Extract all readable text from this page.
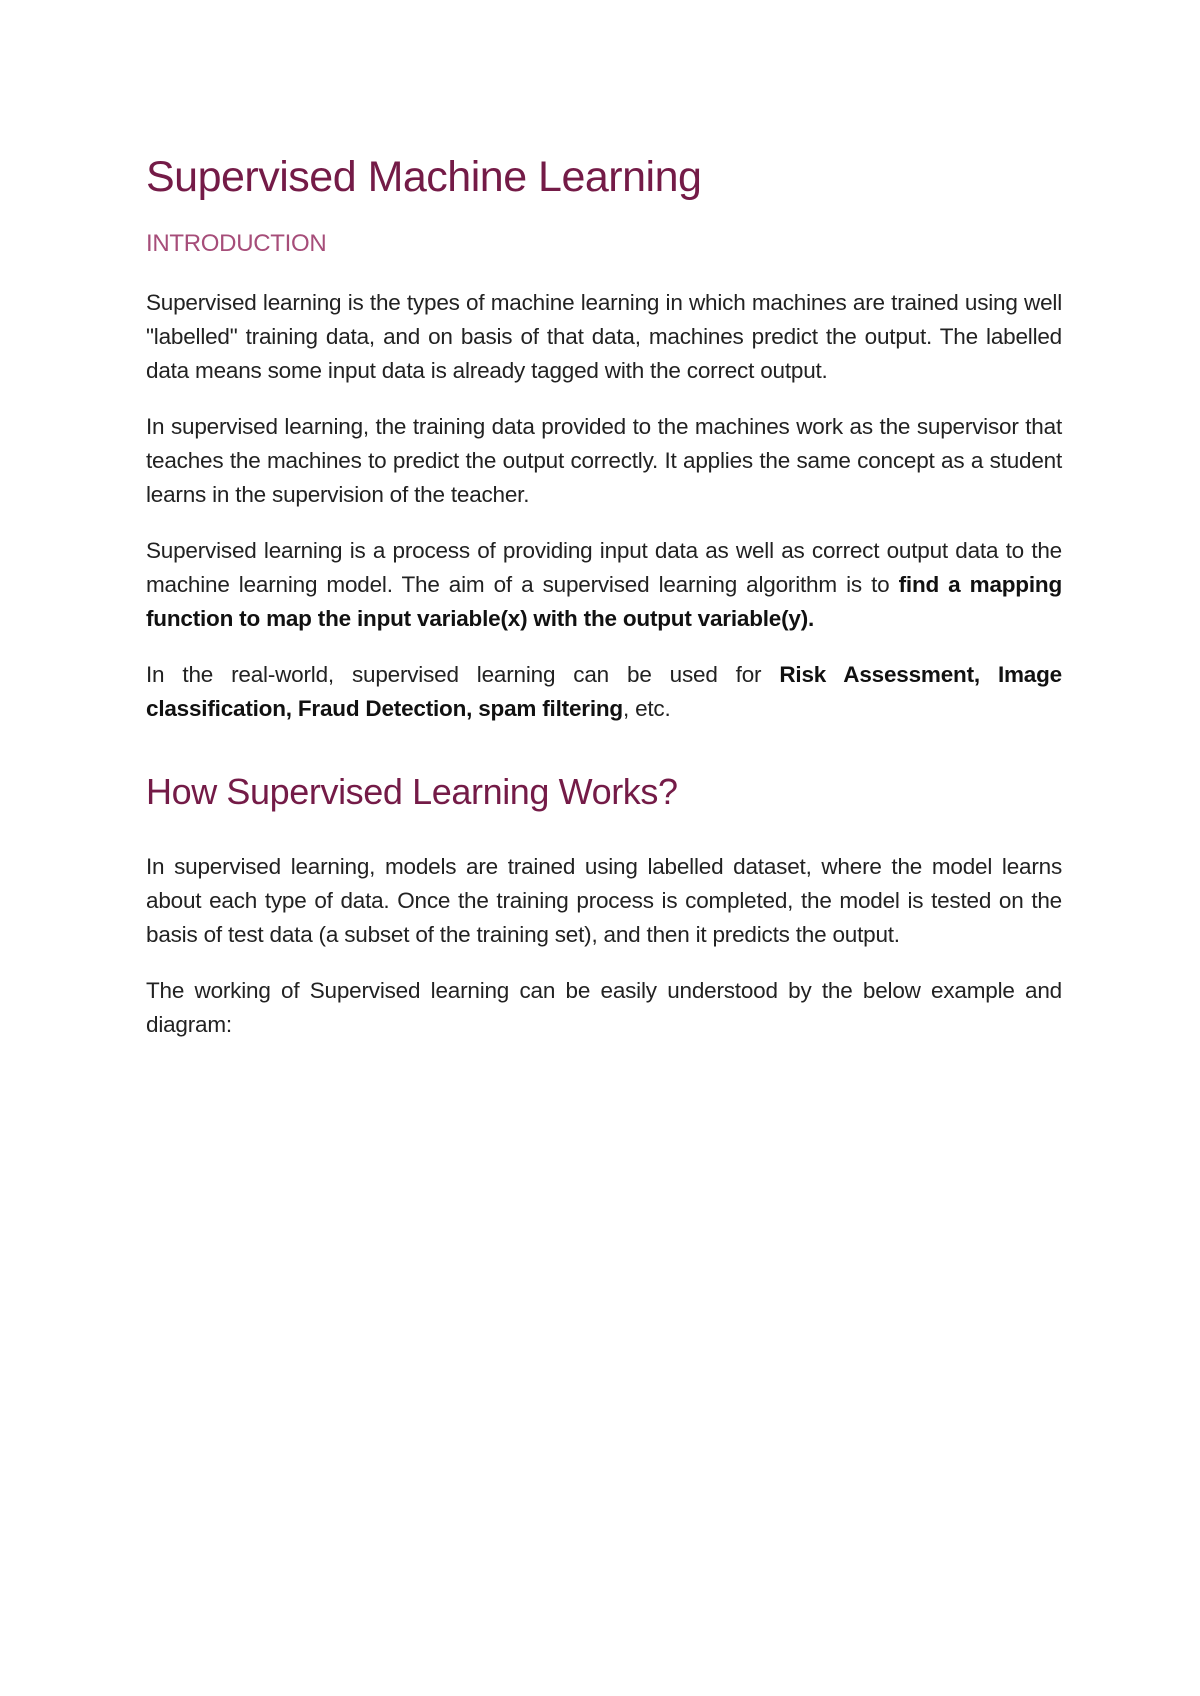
Supervised Machine Learning
INTRODUCTION

Supervised learning is the types of machine learning in which machines are trained using well "labelled" training data, and on basis of that data, machines predict the output. The labelled data means some input data is already tagged with the correct output.

In supervised learning, the training data provided to the machines work as the supervisor that teaches the machines to predict the output correctly. It applies the same concept as a student learns in the supervision of the teacher.

Supervised learning is a process of providing input data as well as correct output data to the machine learning model. The aim of a supervised learning algorithm is to find a mapping function to map the input variable(x) with the output variable(y).

In the real-world, supervised learning can be used for Risk Assessment, Image classification, Fraud Detection, spam filtering, etc.

How Supervised Learning Works?

In supervised learning, models are trained using labelled dataset, where the model learns about each type of data. Once the training process is completed, the model is tested on the basis of test data (a subset of the training set), and then it predicts the output.

The working of Supervised learning can be easily understood by the below example and diagram:
